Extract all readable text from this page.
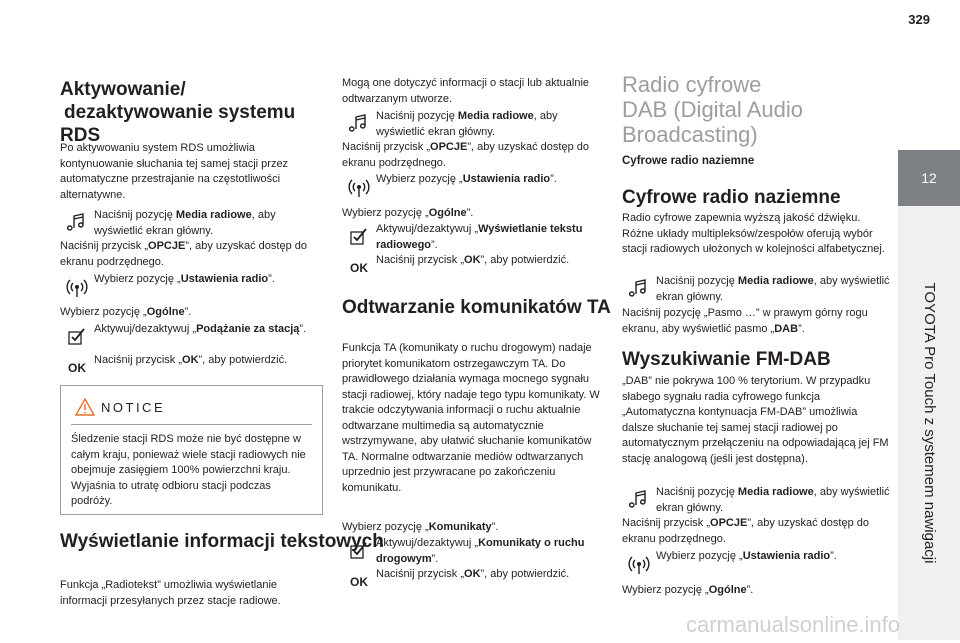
329
12
TOYOTA Pro Touch z systemem nawigacji
Aktywowanie/
dezaktywowanie systemu
RDS

Po aktywowaniu system RDS umożliwia kontynuowanie słuchania tej samej stacji przez automatyczne przestrajanie na częstotliwości alternatywne.

Naciśnij pozycję Media radiowe, aby wyświetlić ekran główny.

Naciśnij przycisk „OPCJE”, aby uzyskać dostęp do ekranu podrzędnego.

Wybierz pozycję „Ustawienia radio”.

Wybierz pozycję „Ogólne”.

Aktywuj/dezaktywuj „Podążanie za stacją”.
OK
Naciśnij przycisk „OK”, aby potwierdzić.
NOTICE

Śledzenie stacji RDS może nie być dostępne w całym kraju, ponieważ wiele stacji radiowych nie obejmuje zasięgiem 100% powierzchni kraju. Wyjaśnia to utratę odbioru stacji podczas podróży.

Wyświetlanie informacji tekstowych

Funkcja „Radiotekst” umożliwia wyświetlanie informacji przesyłanych przez stacje radiowe.

Mogą one dotyczyć informacji o stacji lub aktualnie odtwarzanym utworze.

Naciśnij pozycję Media radiowe, aby wyświetlić ekran główny.

Naciśnij przycisk „OPCJE”, aby uzyskać dostęp do ekranu podrzędnego.

Wybierz pozycję „Ustawienia radio”.

Wybierz pozycję „Ogólne”.

Aktywuj/dezaktywuj „Wyświetlanie tekstu radiowego”.
OK
Naciśnij przycisk „OK”, aby potwierdzić.
Odtwarzanie komunikatów TA

Funkcja TA (komunikaty o ruchu drogowym) nadaje priorytet komunikatom ostrzegawczym TA. Do prawidłowego działania wymaga mocnego sygnału stacji radiowej, który nadaje tego typu komunikaty. W trakcie odczytywania informacji o ruchu aktualnie odtwarzane multimedia są automatycznie wstrzymywane, aby ułatwić słuchanie komunikatów TA. Normalne odtwarzanie mediów odtwarzanych uprzednio jest przywracane po zakończeniu komunikatu.

Wybierz pozycję „Komunikaty”.

Aktywuj/dezaktywuj „Komunikaty o ruchu drogowym”.
OK
Naciśnij przycisk „OK”, aby potwierdzić.
Radio cyfrowe
DAB (Digital Audio
Broadcasting)
Cyfrowe radio naziemne
Cyfrowe radio naziemne

Radio cyfrowe zapewnia wyższą jakość dźwięku. Różne układy multipleksów/zespołów oferują wybór stacji radiowych ułożonych w kolejności alfabetycznej.

Naciśnij pozycję Media radiowe, aby wyświetlić ekran główny.

Naciśnij pozycję „Pasmo …” w prawym górny rogu ekranu, aby wyświetlić pasmo „DAB”.

Wyszukiwanie FM-DAB

„DAB” nie pokrywa 100 % terytorium. W przypadku słabego sygnału radia cyfrowego funkcja „Automatyczna kontynuacja FM-DAB” umożliwia dalsze słuchanie tej samej stacji radiowej po automatycznym przełączeniu na odpowiadającą jej FM stację analogową (jeśli jest dostępna).

Naciśnij pozycję Media radiowe, aby wyświetlić ekran główny.

Naciśnij przycisk „OPCJE”, aby uzyskać dostęp do ekranu podrzędnego.

Wybierz pozycję „Ustawienia radio”.

Wybierz pozycję „Ogólne”.

carmanualsonline.info
